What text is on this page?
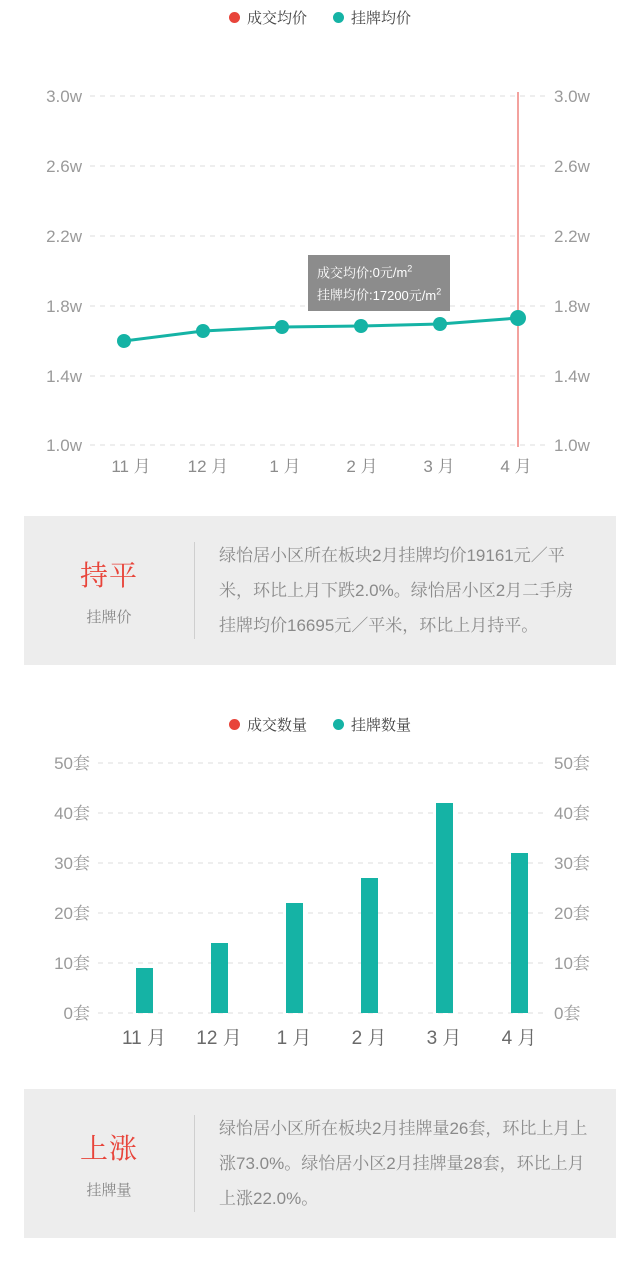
成交均价	挂牌均价
3.0w
2.6w
2.2w
1.8w
1.4w
1.0w
3.0w
2.6w
2.2w
1.8w
1.4w
1.0w
11 月 12 月 1 月	2 月	3 月	4 月
成交均价:0元$/m^2$
挂牌均价:17200元$/m^2$
持平
挂牌价
绿怡居小区所在板块2月挂牌均价19161元／平米，环比上月下跌2.0%。绿怡居小区2月二手房挂牌均价16695元／平米，环比上月持平。
成交数量	挂牌数量
50套
40套
30套
20套
10套
0套
50套
40套
30套
20套
10套
0套
11 月 12 月 1 月 2 月 3 月 4 月
上涨
挂牌量
绿怡居小区所在板块2月挂牌量26套，环比上月上涨73.0%。绿怡居小区2月挂牌量28套，环比上月上涨22.0%。
